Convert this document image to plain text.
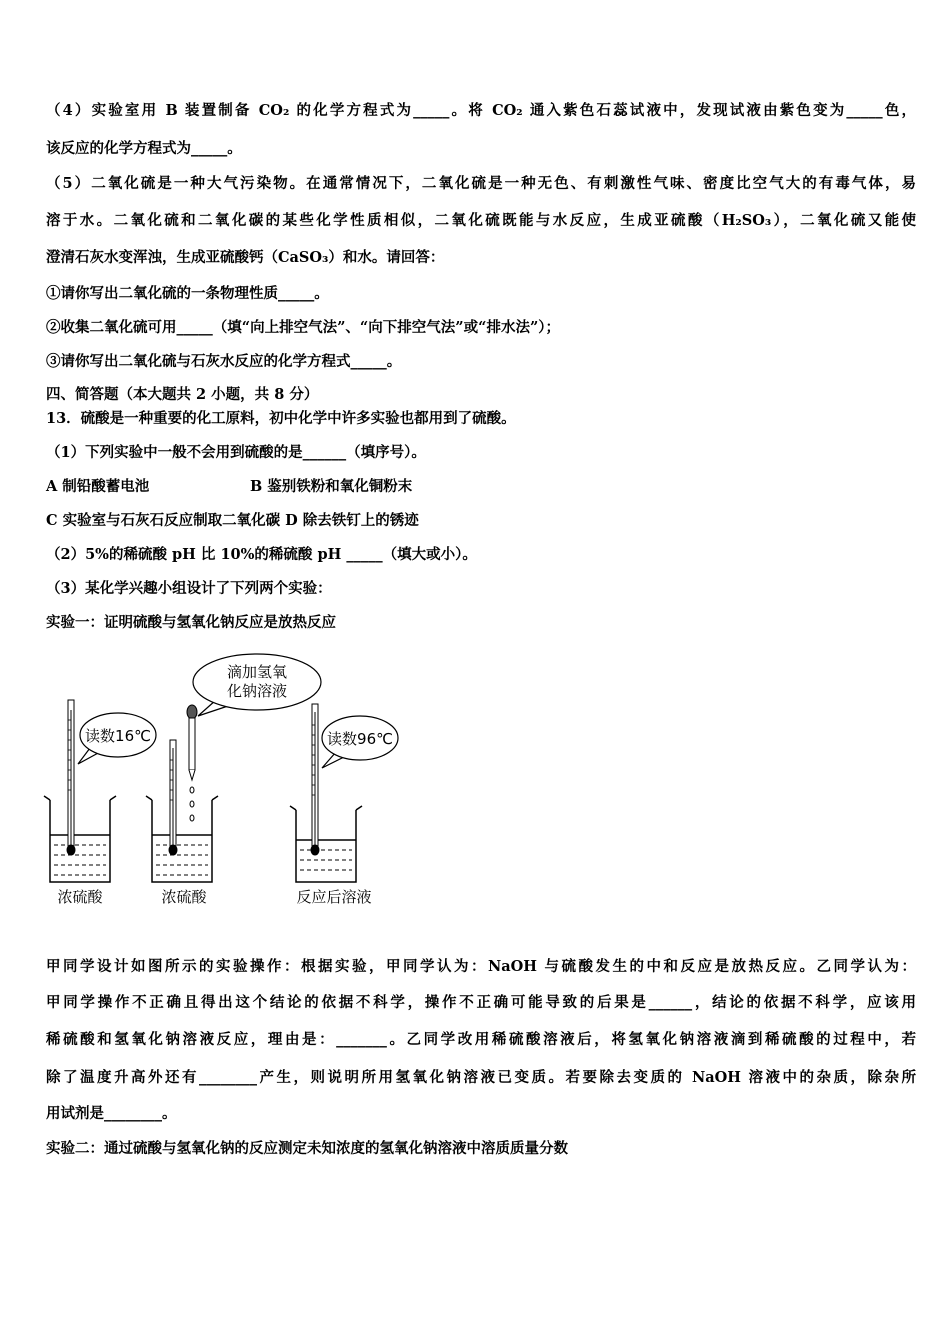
（4）实验室用 B 装置制备 CO₂ 的化学方程式为_____。将 CO₂ 通入紫色石蕊试液中，发现试液由紫色变为_____色，
该反应的化学方程式为_____。
（5）二氧化硫是一种大气污染物。在通常情况下，二氧化硫是一种无色、有刺激性气味、密度比空气大的有毒气体，易
溶于水。二氧化硫和二氧化碳的某些化学性质相似，二氧化硫既能与水反应，生成亚硫酸（H₂SO₃），二氧化硫又能使
澄清石灰水变浑浊，生成亚硫酸钙（CaSO₃）和水。请回答：
①请你写出二氧化硫的一条物理性质_____。
②收集二氧化硫可用_____（填“向上排空气法”、“向下排空气法”或“排水法”）；
③请你写出二氧化硫与石灰水反应的化学方程式_____。
四、简答题（本大题共 2 小题，共 8 分）
13．硫酸是一种重要的化工原料，初中化学中许多实验也都用到了硫酸。
（1）下列实验中一般不会用到硫酸的是______（填序号）。
A 制铅酸蓄电池	B 鉴别铁粉和氧化铜粉末
C 实验室与石灰石反应制取二氧化碳 D 除去铁钉上的锈迹
（2）5%的稀硫酸 pH 比 10%的稀硫酸 pH _____（填大或小）。
（3）某化学兴趣小组设计了下列两个实验：
实验一：证明硫酸与氢氧化钠反应是放热反应
读数16℃
滴加氢氧
化钠溶液
读数96℃
浓硫酸	浓硫酸	反应后溶液
甲同学设计如图所示的实验操作：根据实验，甲同学认为：NaOH 与硫酸发生的中和反应是放热反应。乙同学认为：
甲同学操作不正确且得出这个结论的依据不科学，操作不正确可能导致的后果是______，结论的依据不科学，应该用
稀硫酸和氢氧化钠溶液反应，理由是：_______。乙同学改用稀硫酸溶液后，将氢氧化钠溶液滴到稀硫酸的过程中，若
除了温度升高外还有________产生，则说明所用氢氧化钠溶液已变质。若要除去变质的 NaOH 溶液中的杂质，除杂所
用试剂是________。
实验二：通过硫酸与氢氧化钠的反应测定未知浓度的氢氧化钠溶液中溶质质量分数
